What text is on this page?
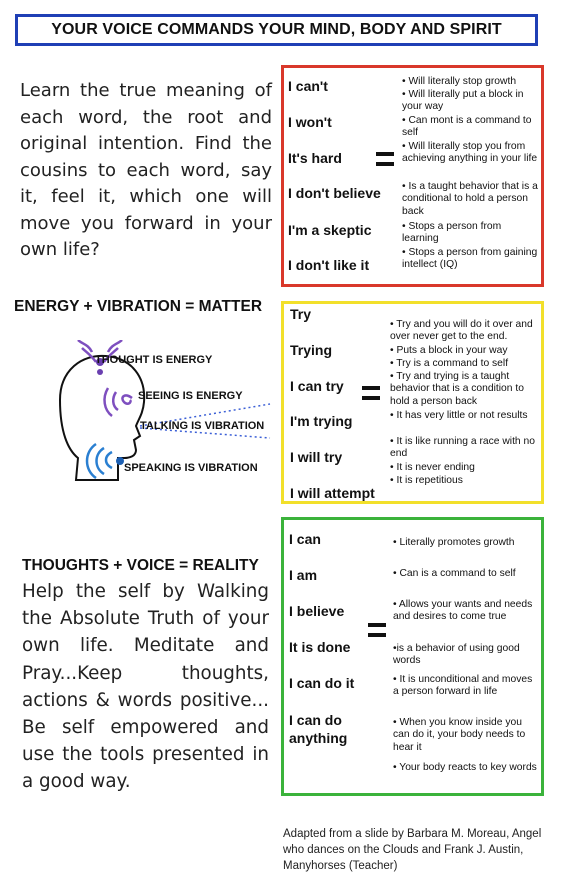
YOUR VOICE COMMANDS YOUR MIND, BODY AND SPIRIT
Learn the true meaning of each word, the root and original intention. Find the cousins to each word, say it, feel it, which one will move you forward in your own life?
I can't
I won't
It's hard
I don't believe
I'm a skeptic
I don't like it
• Will literally stop growth
• Will literally put a block in your way
• Can mont is a command to self
• Will literally stop you from achieving anything in your life
• Is a taught behavior that is a conditional to hold a person back
• Stops a person from learning
• Stops a person from gaining intellect (IQ)
ENERGY + VIBRATION = MATTER
THOUGHT IS ENERGY
SEEING IS ENERGY
TALKING IS VIBRATION
SPEAKING IS VIBRATION
Try
Trying
I can try
I'm trying
I will try
I will attempt
• Try and you will do it over and over never get to the end.
• Puts a block in your way
• Try is a command to self
• Try and trying is a taught behavior that is a condition to hold a person back
• It has very little or not results
• It is like running a race with no end
• It is never ending
• It is repetitious
THOUGHTS + VOICE = REALITY
Help the self by Walking the Absolute Truth of your own life. Meditate and Pray...Keep thoughts, actions & words positive... Be self empowered and use the tools presented in a good way.
I can
I am
I believe
It is done
I can do it
I can do anything
• Literally promotes growth
• Can is a command to self
• Allows your wants and needs and desires to come true
•is a behavior of using good words
• It is unconditional and moves a person forward in life
• When you know inside you can do it, your body needs to hear it
• Your body reacts to key words
Adapted from a slide by Barbara M. Moreau, Angel who dances on the Clouds and Frank J. Austin, Manyhorses (Teacher)
